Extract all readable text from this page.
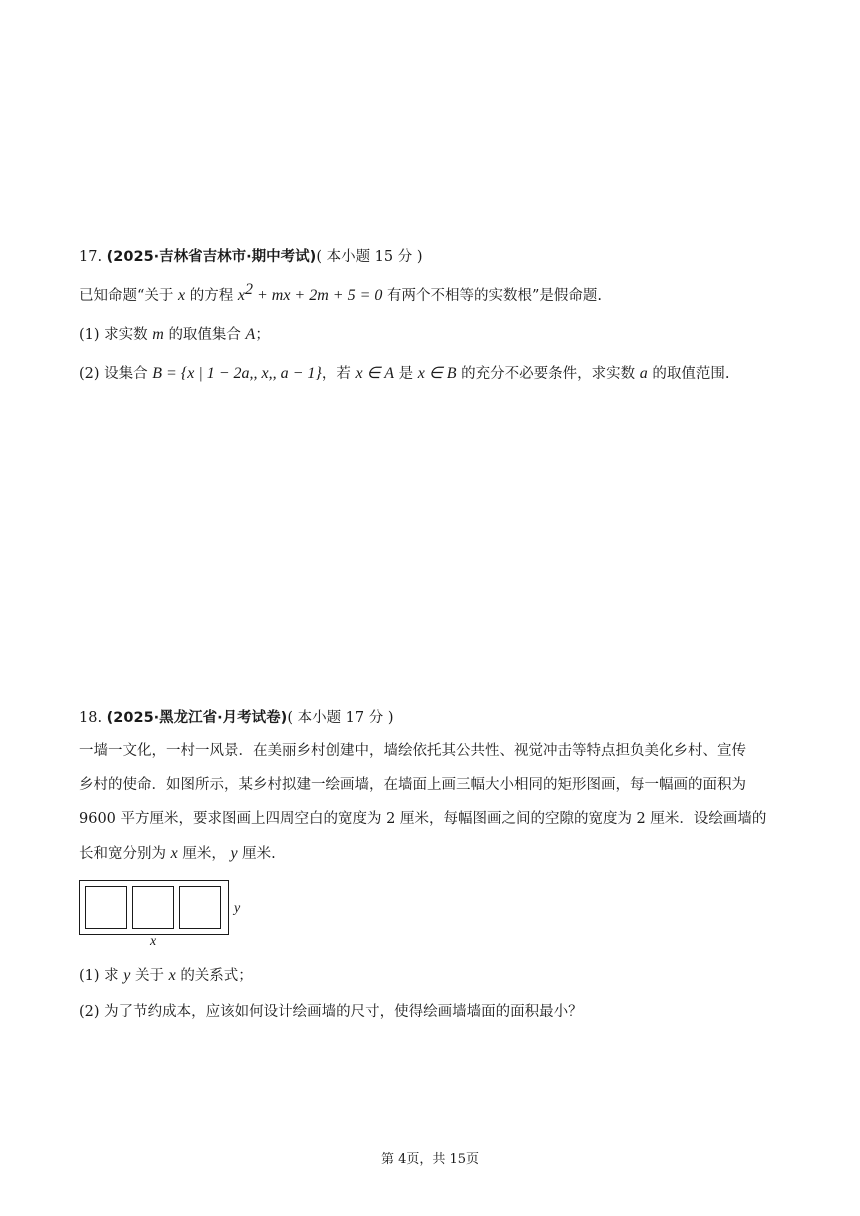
17. (2025·吉林省吉林市·期中考试)( 本小题 15 分 )
已知命题“关于 x 的方程 $x^2$ + mx + 2m + 5 = 0 有两个不相等的实数根”是假命题.
(1) 求实数 m 的取值集合 A；
(2) 设集合 B = {x | 1 − 2a,, x,, a − 1}，若 x ∈ A 是 x ∈ B 的充分不必要条件，求实数 a 的取值范围.
18. (2025·黑龙江省·月考试卷)( 本小题 17 分 )
一墙一文化，一村一风景．在美丽乡村创建中，墙绘依托其公共性、视觉冲击等特点担负美化乡村、宣传
乡村的使命．如图所示，某乡村拟建一绘画墙，在墙面上画三幅大小相同的矩形图画，每一幅画的面积为
9600 平方厘米，要求图画上四周空白的宽度为 2 厘米，每幅图画之间的空隙的宽度为 2 厘米．设绘画墙的
长和宽分别为 x 厘米， y 厘米.
y
x
(1) 求 y 关于 x 的关系式；
(2) 为了节约成本，应该如何设计绘画墙的尺寸，使得绘画墙墙面的面积最小？
第 4页，共 15页
